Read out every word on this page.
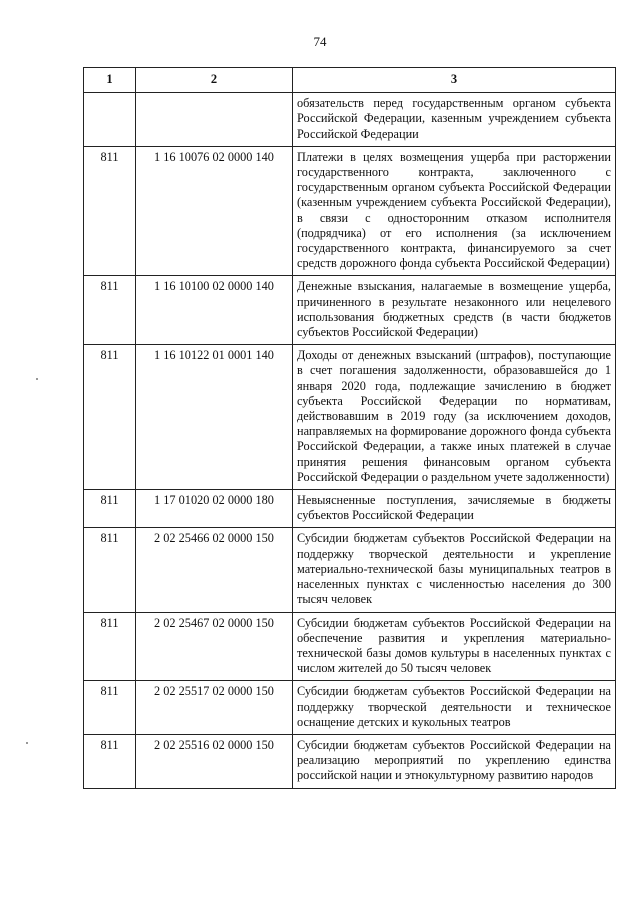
74
1	2	3
		обязательств перед государственным органом субъекта Российской Федерации, казенным учреждением субъекта Российской Федерации
811	1 16 10076 02 0000 140	Платежи в целях возмещения ущерба при расторжении государственного контракта, заключенного с государственным органом субъекта Российской Федерации (казенным учреждением субъекта Российской Федерации), в связи с односторонним отказом исполнителя (подрядчика) от его исполнения (за исключением государственного контракта, финансируемого за счет средств дорожного фонда субъекта Российской Федерации)
811	1 16 10100 02 0000 140	Денежные взыскания, налагаемые в возмещение ущерба, причиненного в результате незаконного или нецелевого использования бюджетных средств (в части бюджетов субъектов Российской Федерации)
811	1 16 10122 01 0001 140	Доходы от денежных взысканий (штрафов), поступающие в счет погашения задолженности, образовавшейся до 1 января 2020 года, подлежащие зачислению в бюджет субъекта Российской Федерации по нормативам, действовавшим в 2019 году (за исключением доходов, направляемых на формирование дорожного фонда субъекта Российской Федерации, а также иных платежей в случае принятия решения финансовым органом субъекта Российской Федерации о раздельном учете задолженности)
811	1 17 01020 02 0000 180	Невыясненные поступления, зачисляемые в бюджеты субъектов Российской Федерации
811	2 02 25466 02 0000 150	Субсидии бюджетам субъектов Российской Федерации на поддержку творческой деятельности и укрепление материально-технической базы муниципальных театров в населенных пунктах с численностью населения до 300 тысяч человек
811	2 02 25467 02 0000 150	Субсидии бюджетам субъектов Российской Федерации на обеспечение развития и укрепления материально-технической базы домов культуры в населенных пунктах с числом жителей до 50 тысяч человек
811	2 02 25517 02 0000 150	Субсидии бюджетам субъектов Российской Федерации на поддержку творческой деятельности и техническое оснащение детских и кукольных театров
811	2 02 25516 02 0000 150	Субсидии бюджетам субъектов Российской Федерации на реализацию мероприятий по укреплению единства российской нации и этнокультурному развитию народов
